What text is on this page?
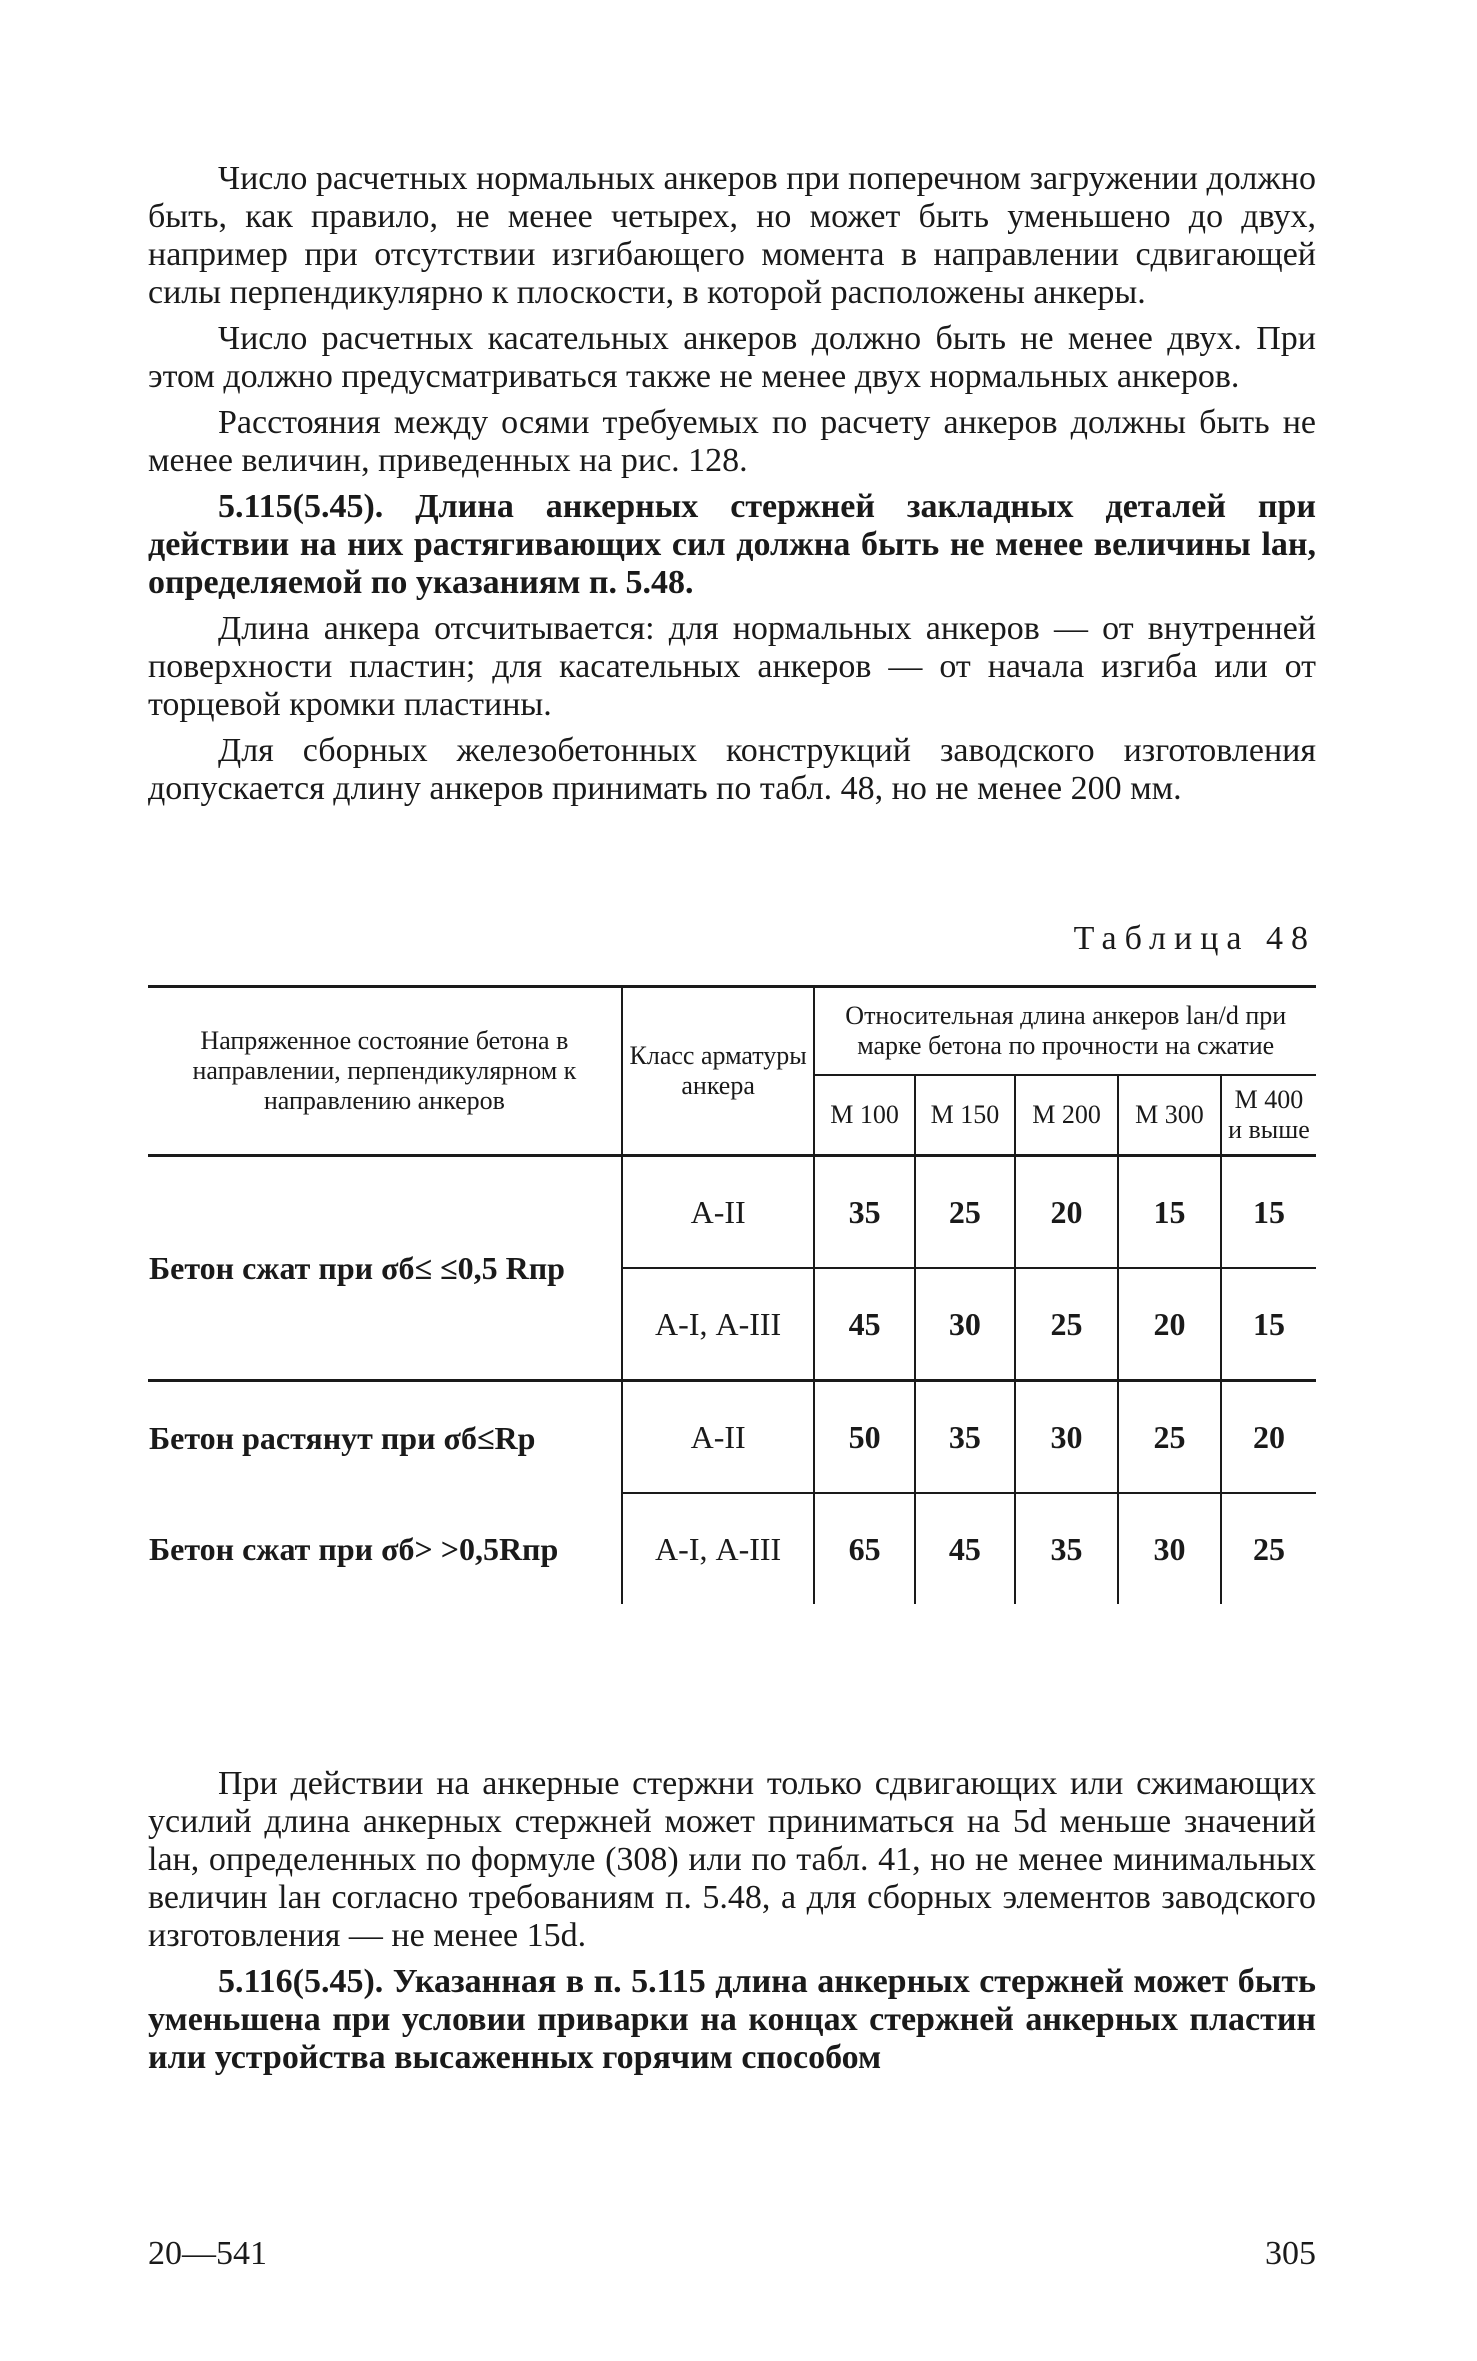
Число расчетных нормальных анкеров при поперечном загружении должно быть, как правило, не менее четырех, но может быть уменьшено до двух, например при отсутствии изгибающего момента в направлении сдвигающей силы перпендикулярно к плоскости, в которой расположены анкеры.

Число расчетных касательных анкеров должно быть не менее двух. При этом должно предусматриваться также не менее двух нормальных анкеров.

Расстояния между осями требуемых по расчету анкеров должны быть не менее величин, приведенных на рис. 128.

5.115(5.45). Длина анкерных стержней закладных деталей при действии на них растягивающих сил должна быть не менее величины lан, определяемой по указаниям п. 5.48.

Длина анкера отсчитывается: для нормальных анкеров — от внутренней поверхности пластин; для касательных анкеров — от начала изгиба или от торцевой кромки пластины.

Для сборных железобетонных конструкций заводского изготовления допускается длину анкеров принимать по табл. 48, но не менее 200 мм.

Таблица 48
Напряженное состояние бетона в направлении, перпендикулярном к направлению анкеров	Класс арматуры анкера	Относительная длина анкеров lан/d при марке бетона по прочности на сжатие				
		М 100	М 150	М 200	М 300	М 400 и выше
Бетон сжат при σб≤ ≤0,5 Rпр	А-II	35	25	20	15	15
	А-I, А-III	45	30	25	20	15
Бетон растянут при σб≤Rр	А-II	50	35	30	25	20
Бетон сжат при σб> >0,5Rпр	А-I, А-III	65	45	35	30	25

При действии на анкерные стержни только сдвигающих или сжимающих усилий длина анкерных стержней может приниматься на 5d меньше значений lан, определенных по формуле (308) или по табл. 41, но не менее минимальных величин lан согласно требованиям п. 5.48, а для сборных элементов заводского изготовления — не менее 15d.

5.116(5.45). Указанная в п. 5.115 длина анкерных стержней может быть уменьшена при условии приварки на концах стержней анкерных пластин или устройства высаженных горячим способом

20—541	305
